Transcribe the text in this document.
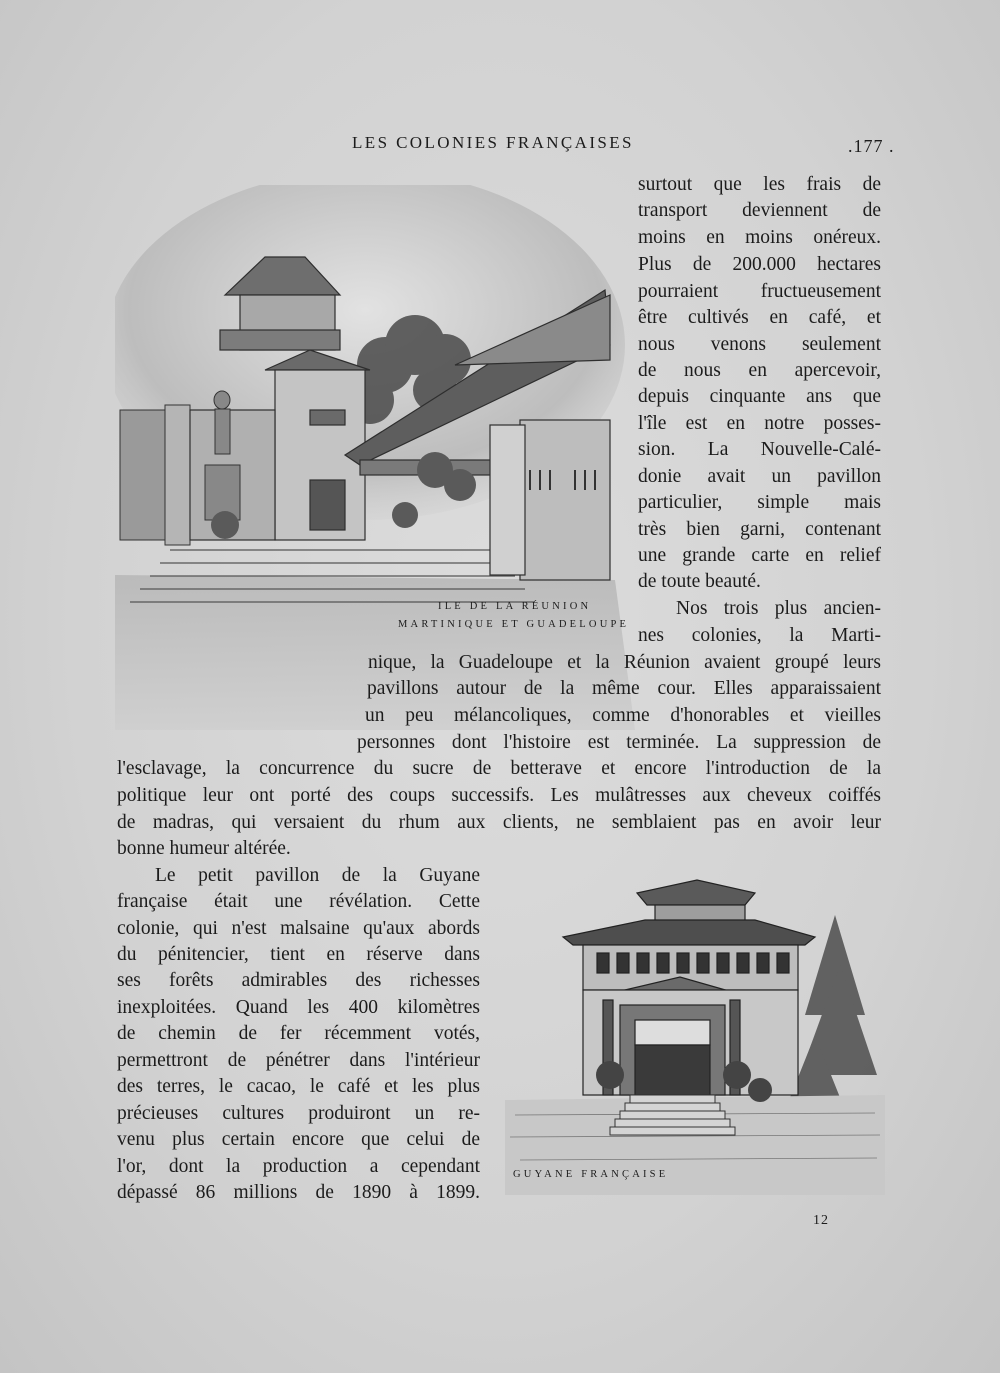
LES COLONIES FRANÇAISES	.177 .
ILE DE LA RÉUNION
MARTINIQUE ET GUADELOUPE
surtout que les frais de
transport deviennent de
moins en moins onéreux.
Plus de 200.000 hectares
pourraient fructueusement
être cultivés en café, et
nous venons seulement
de nous en apercevoir,
depuis cinquante ans que
l'île est en notre posses-
sion. La Nouvelle-Calé-
donie avait un pavillon
particulier, simple mais
très bien garni, contenant
une grande carte en relief
de toute beauté.
Nos trois plus ancien-
nes colonies, la Marti-
nique, la Guadeloupe et la Réunion avaient groupé leurs
pavillons autour de la même cour. Elles apparaissaient
un peu mélancoliques, comme d'honorables et vieilles
personnes dont l'histoire est terminée. La suppression de
l'esclavage, la concurrence du sucre de betterave et encore l'introduction de la
politique leur ont porté des coups successifs. Les mulâtresses aux cheveux coiffés
de madras, qui versaient du rhum aux clients, ne semblaient pas en avoir leur
bonne humeur altérée.
Le petit pavillon de la Guyane
française était une révélation. Cette
colonie, qui n'est malsaine qu'aux abords
du pénitencier, tient en réserve dans
ses forêts admirables des richesses
inexploitées. Quand les 400 kilomètres
de chemin de fer récemment votés,
permettront de pénétrer dans l'intérieur
des terres, le cacao, le café et les plus
précieuses cultures produiront un re-
venu plus certain encore que celui de
l'or, dont la production a cependant
dépassé 86 millions de 1890 à 1899.
GUYANE FRANÇAISE
12
